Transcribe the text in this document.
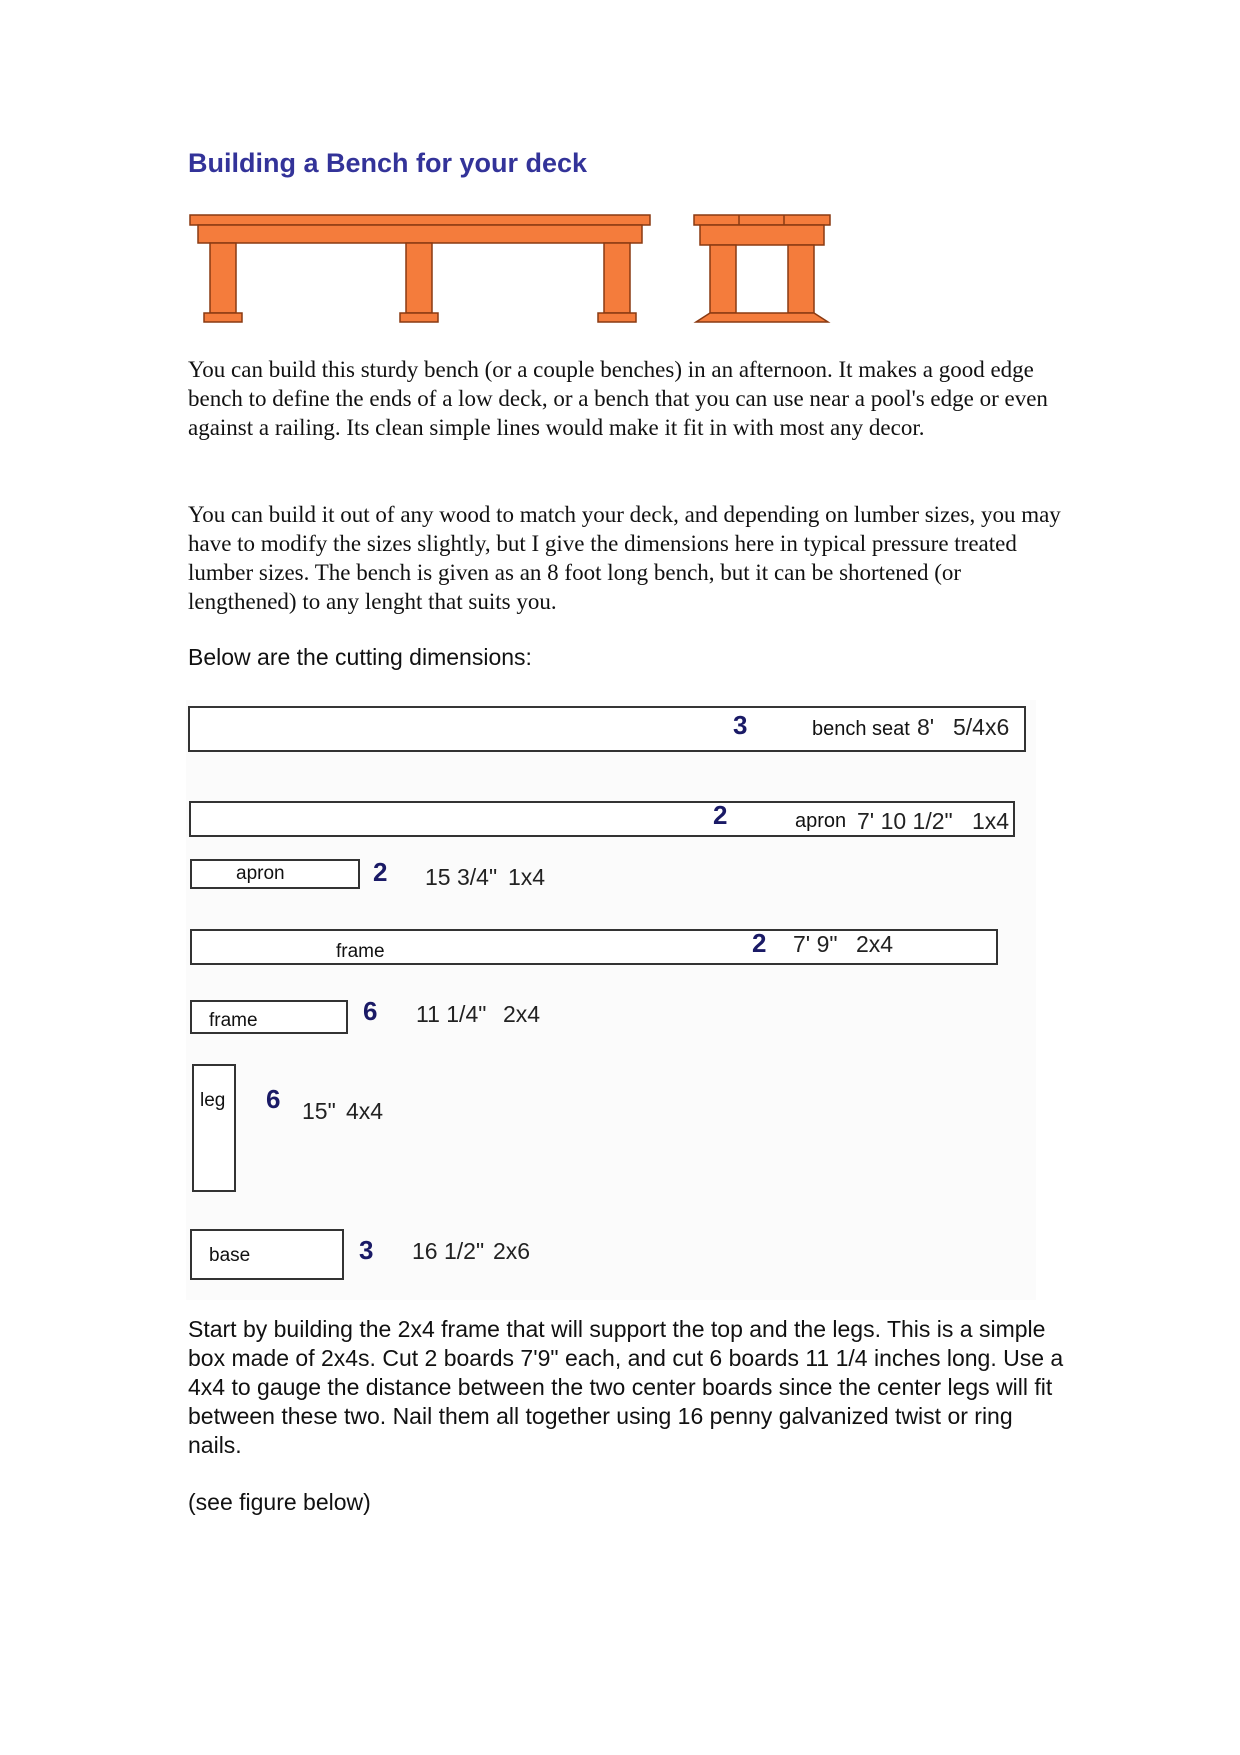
Building a Bench for your deck
You can build this sturdy bench (or a couple benches) in an afternoon. It makes a good edge bench to define the ends of a low deck, or a bench that you can use near a pool's edge or even against a railing. Its clean simple lines would make it fit in with most any decor.
You can build it out of any wood to match your deck, and depending on lumber sizes, you may have to modify the sizes slightly, but I give the dimensions here in typical pressure treated lumber sizes. The bench is given as an 8 foot long bench, but it can be shortened (or lengthened) to any lenght that suits you.
Below are the cutting dimensions:
3	bench seat 8' 5/4x6
2	apron 7' 10 1/2" 1x4
apron	2 15 3/4" 1x4
frame	2 7' 9" 2x4
frame	6 11 1/4" 2x4
leg 6 15" 4x4
base	3 16 1/2" 2x6
Start by building the 2x4 frame that will support the top and the legs. This is a simple box made of 2x4s. Cut 2 boards 7'9" each, and cut 6 boards 11 1/4 inches long. Use a 4x4 to gauge the distance between the two center boards since the center legs will fit between these two. Nail them all together using 16 penny galvanized twist or ring nails.
(see figure below)
